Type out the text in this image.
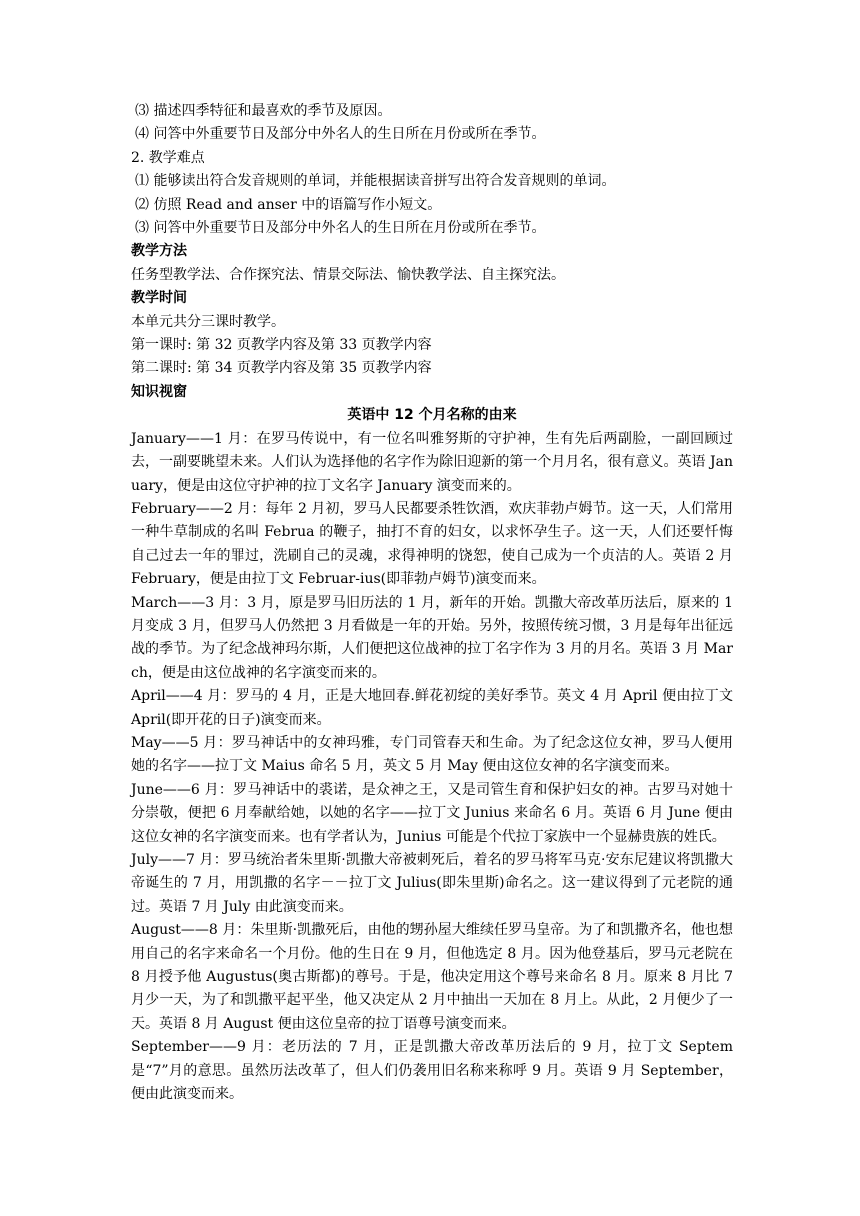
⑶ 描述四季特征和最喜欢的季节及原因。
⑷ 问答中外重要节日及部分中外名人的生日所在月份或所在季节。
2. 教学难点
⑴ 能够读出符合发音规则的单词，并能根据读音拼写出符合发音规则的单词。
⑵ 仿照 Read and anser 中的语篇写作小短文。
⑶ 问答中外重要节日及部分中外名人的生日所在月份或所在季节。
教学方法
任务型教学法、合作探究法、情景交际法、愉快教学法、自主探究法。
教学时间
本单元共分三课时教学。
第一课时: 第 32 页教学内容及第 33 页教学内容
第二课时: 第 34 页教学内容及第 35 页教学内容
知识视窗
英语中 12 个月名称的由来
January——1 月：在罗马传说中，有一位名叫雅努斯的守护神，生有先后两副脸，一副回顾过去，一副要眺望未来。人们认为选择他的名字作为除旧迎新的第一个月月名，很有意义。英语 January，便是由这位守护神的拉丁文名字 January 演变而来的。
February——2 月：每年 2 月初，罗马人民都要杀牲饮酒，欢庆菲勃卢姆节。这一天，人们常用一种牛草制成的名叫 Februa 的鞭子，抽打不育的妇女，以求怀孕生子。这一天，人们还要忏悔自己过去一年的罪过，洗刷自己的灵魂，求得神明的饶恕，使自己成为一个贞洁的人。英语 2 月 February，便是由拉丁文 Februar-ius(即菲勃卢姆节)演变而来。
March——3 月：3 月，原是罗马旧历法的 1 月，新年的开始。凯撒大帝改革历法后，原来的 1 月变成 3 月，但罗马人仍然把 3 月看做是一年的开始。另外，按照传统习惯，3 月是每年出征远战的季节。为了纪念战神玛尔斯，人们便把这位战神的拉丁名字作为 3 月的月名。英语 3 月 March，便是由这位战神的名字演变而来的。
April——4 月：罗马的 4 月，正是大地回春.鲜花初绽的美好季节。英文 4 月 April 便由拉丁文 April(即开花的日子)演变而来。
May——5 月：罗马神话中的女神玛雅，专门司管春天和生命。为了纪念这位女神，罗马人便用她的名字——拉丁文 Maius 命名 5 月，英文 5 月 May 便由这位女神的名字演变而来。
June——6 月：罗马神话中的裘诺，是众神之王，又是司管生育和保护妇女的神。古罗马对她十分崇敬，便把 6 月奉献给她，以她的名字——拉丁文 Junius 来命名 6 月。英语 6 月 June 便由这位女神的名字演变而来。也有学者认为，Junius 可能是个代拉丁家族中一个显赫贵族的姓氏。
July——7 月：罗马统治者朱里斯·凯撒大帝被刺死后，着名的罗马将军马克·安东尼建议将凯撒大帝诞生的 7 月，用凯撒的名字－－拉丁文 Julius(即朱里斯)命名之。这一建议得到了元老院的通过。英语 7 月 July 由此演变而来。
August——8 月：朱里斯·凯撒死后，由他的甥孙屋大维续任罗马皇帝。为了和凯撒齐名，他也想用自己的名字来命名一个月份。他的生日在 9 月，但他选定 8 月。因为他登基后，罗马元老院在 8 月授予他 Augustus(奥古斯都)的尊号。于是，他决定用这个尊号来命名 8 月。原来 8 月比 7 月少一天，为了和凯撒平起平坐，他又决定从 2 月中抽出一天加在 8 月上。从此，2 月便少了一天。英语 8 月 August 便由这位皇帝的拉丁语尊号演变而来。
September——9 月：老历法的 7 月，正是凯撒大帝改革历法后的 9 月，拉丁文 Septem 是“7”月的意思。虽然历法改革了，但人们仍袭用旧名称来称呼 9 月。英语 9 月 September，便由此演变而来。
